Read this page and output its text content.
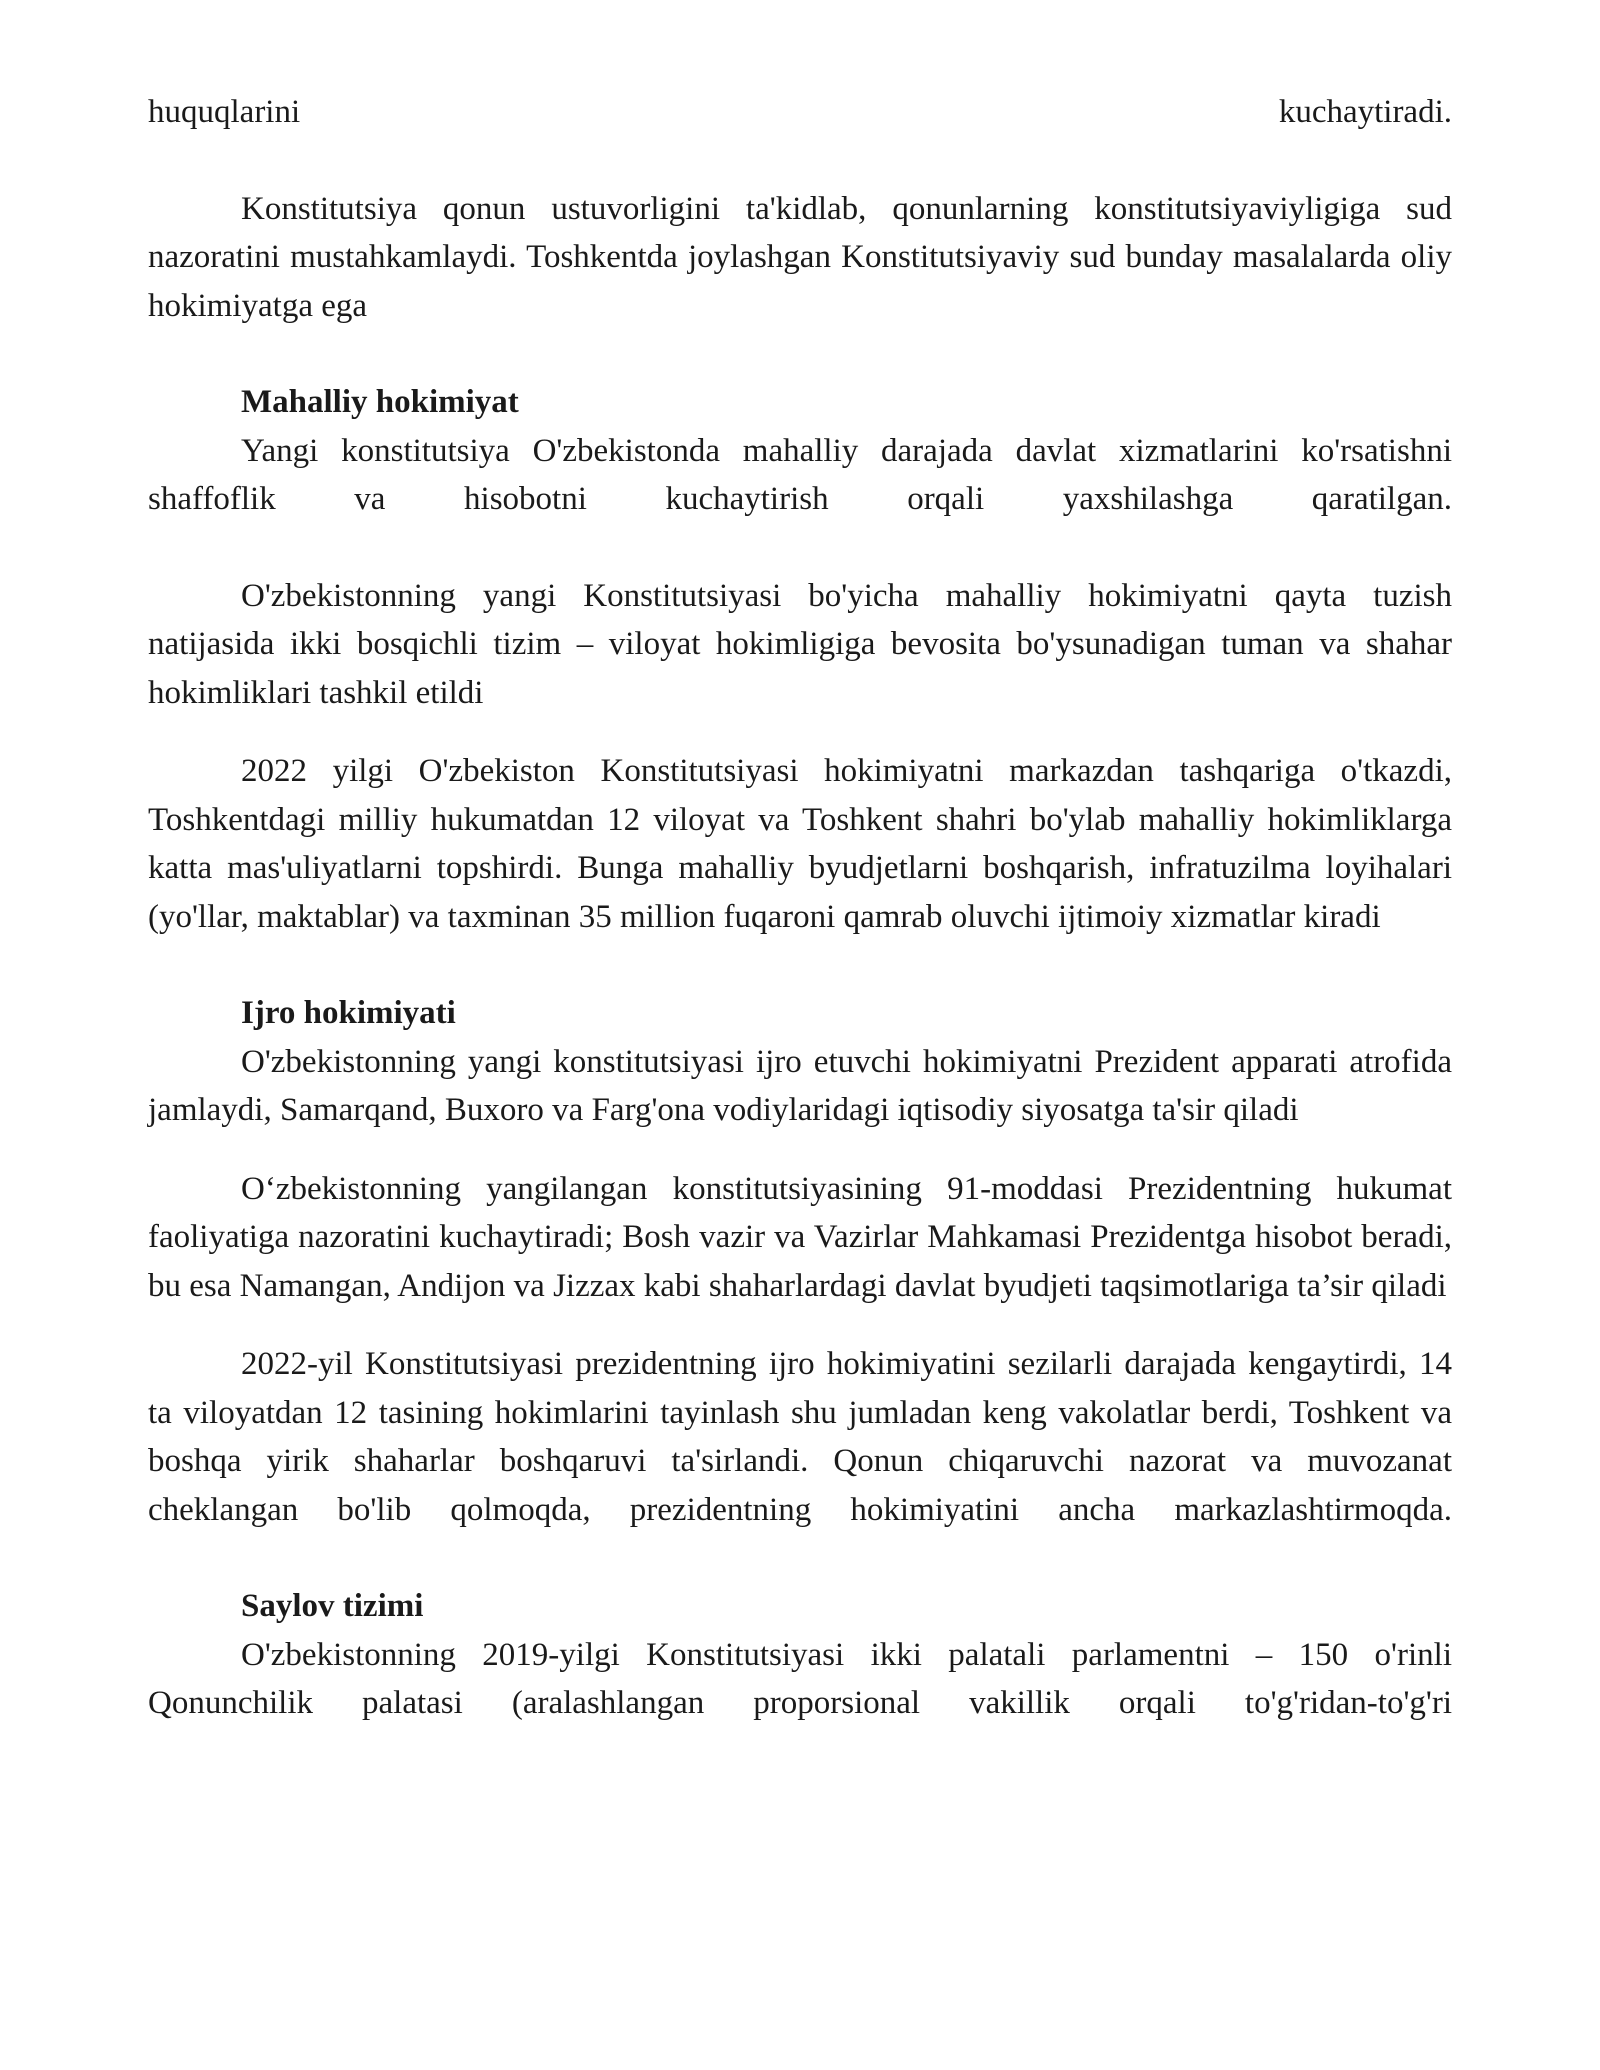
huquqlarini	kuchaytiradi.

Konstitutsiya qonun ustuvorligini ta'kidlab, qonunlarning konstitutsiyaviyligiga sud nazoratini mustahkamlaydi. Toshkentda joylashgan Konstitutsiyaviy sud bunday masalalarda oliy hokimiyatga ega

Mahalliy hokimiyat

Yangi konstitutsiya O'zbekistonda mahalliy darajada davlat xizmatlarini ko'rsatishni shaffoflik va hisobotni kuchaytirish orqali yaxshilashga qaratilgan.

O'zbekistonning yangi Konstitutsiyasi bo'yicha mahalliy hokimiyatni qayta tuzish natijasida ikki bosqichli tizim – viloyat hokimligiga bevosita bo'ysunadigan tuman va shahar hokimliklari tashkil etildi

2022 yilgi O'zbekiston Konstitutsiyasi hokimiyatni markazdan tashqariga o'tkazdi, Toshkentdagi milliy hukumatdan 12 viloyat va Toshkent shahri bo'ylab mahalliy hokimliklarga katta mas'uliyatlarni topshirdi. Bunga mahalliy byudjetlarni boshqarish, infratuzilma loyihalari (yo'llar, maktablar) va taxminan 35 million fuqaroni qamrab oluvchi ijtimoiy xizmatlar kiradi

Ijro hokimiyati

O'zbekistonning yangi konstitutsiyasi ijro etuvchi hokimiyatni Prezident apparati atrofida jamlaydi, Samarqand, Buxoro va Farg'ona vodiylaridagi iqtisodiy siyosatga ta'sir qiladi

O‘zbekistonning yangilangan konstitutsiyasining 91-moddasi Prezidentning hukumat faoliyatiga nazoratini kuchaytiradi; Bosh vazir va Vazirlar Mahkamasi Prezidentga hisobot beradi, bu esa Namangan, Andijon va Jizzax kabi shaharlardagi davlat byudjeti taqsimotlariga ta’sir qiladi

2022-yil Konstitutsiyasi prezidentning ijro hokimiyatini sezilarli darajada kengaytirdi, 14 ta viloyatdan 12 tasining hokimlarini tayinlash shu jumladan keng vakolatlar berdi, Toshkent va boshqa yirik shaharlar boshqaruvi ta'sirlandi. Qonun chiqaruvchi nazorat va muvozanat cheklangan bo'lib qolmoqda, prezidentning hokimiyatini ancha markazlashtirmoqda.

Saylov tizimi

O'zbekistonning 2019-yilgi Konstitutsiyasi ikki palatali parlamentni – 150 o'rinli Qonunchilik palatasi (aralashlangan proporsional vakillik orqali to'g'ridan-to'g'ri
